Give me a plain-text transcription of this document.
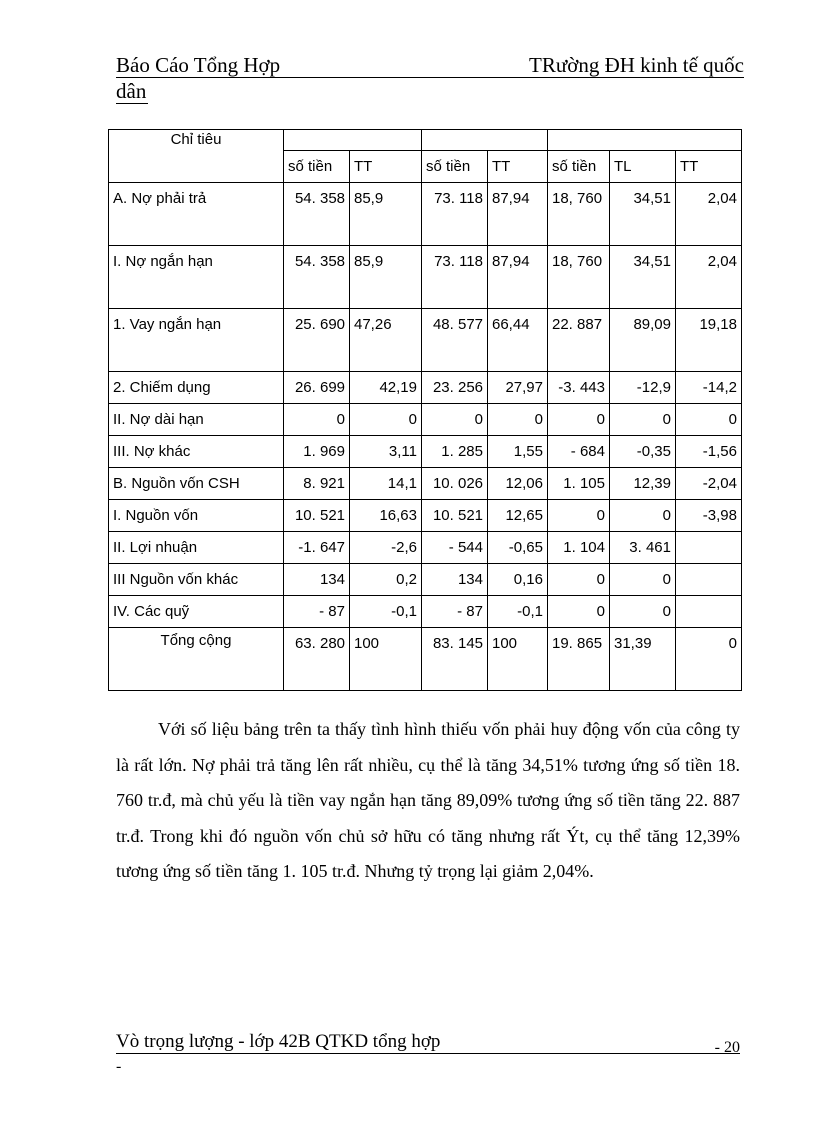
Báo Cáo Tổng Hợp	TRường ĐH kinh tế quốc
dân
Chỉ tiêu							
	số tiền	TT	số tiền	TT	số tiền	TL	TT
A. Nợ phải trả	54. 358	85,9	73. 118	87,94	18, 760	34,51	2,04
I. Nợ ngắn hạn	54. 358	85,9	73. 118	87,94	18, 760	34,51	2,04
1. Vay ngắn hạn	25. 690	47,26	48. 577	66,44	22. 887	89,09	19,18
2. Chiếm dụng	26. 699	42,19	23. 256	27,97	-3. 443	-12,9	-14,2
II. Nợ dài hạn	0	0	0	0	0	0	0
III. Nợ khác	1. 969	3,11	1. 285	1,55	- 684	-0,35	-1,56
B. Nguồn vốn CSH	8. 921	14,1	10. 026	12,06	1. 105	12,39	-2,04
I. Nguồn vốn	10. 521	16,63	10. 521	12,65	0	0	-3,98
II. Lợi nhuận	-1. 647	-2,6	- 544	-0,65	1. 104	3. 461	
III Nguồn vốn khác	134	0,2	134	0,16	0	0	
IV. Các quỹ	- 87	-0,1	- 87	-0,1	0	0	
Tổng cộng	63. 280	100	83. 145	100	19. 865	31,39	0
Với số liệu bảng trên ta thấy tình hình thiếu vốn phải huy động vốn của công ty là rất lớn. Nợ phải trả tăng lên rất nhiều, cụ thể là tăng 34,51% tương ứng số tiền 18. 760 tr.đ, mà chủ yếu là tiền vay ngắn hạn tăng 89,09% tương ứng số tiền tăng 22. 887 tr.đ. Trong khi đó nguồn vốn chủ sở hữu có tăng nhưng rất Ýt, cụ thể tăng 12,39% tương ứng số tiền tăng 1. 105 tr.đ. Nhưng tỷ trọng lại giảm 2,04%.
Vò trọng lượng - lớp 42B QTKD tổng hợp	- 20
-
